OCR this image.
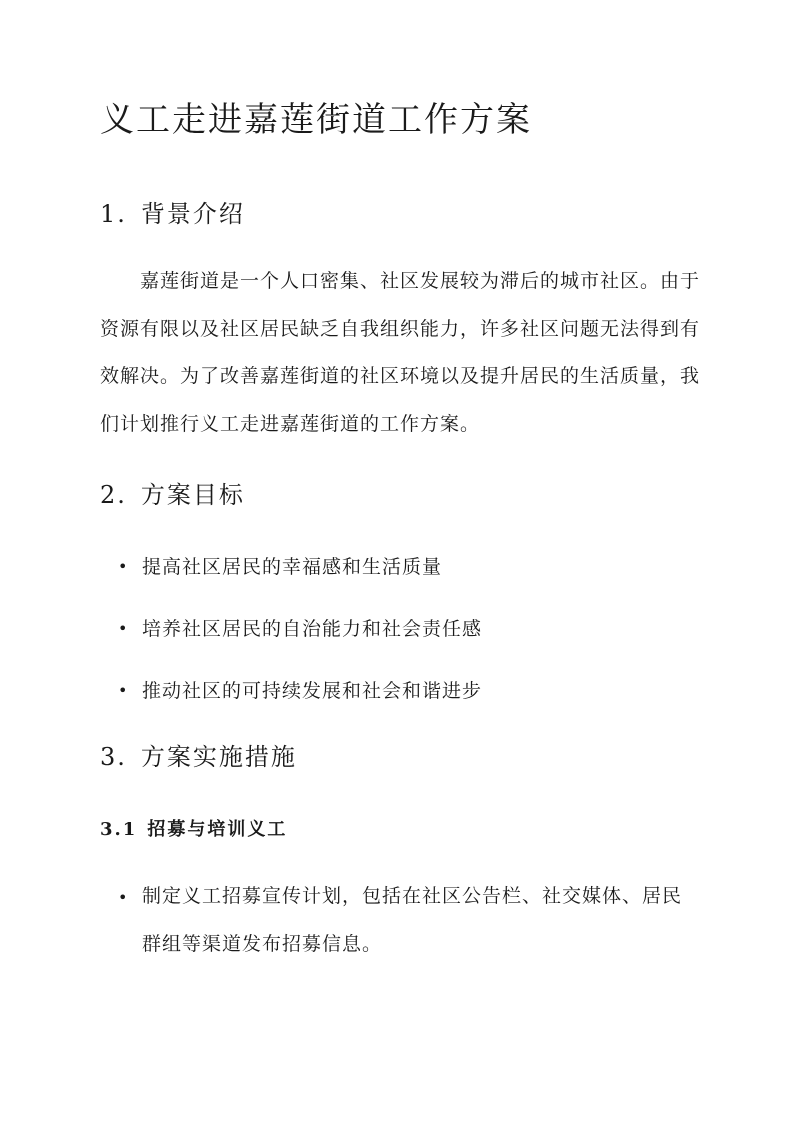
义工走进嘉莲街道工作方案
1. 背景介绍

嘉莲街道是一个人口密集、社区发展较为滞后的城市社区。由于资源有限以及社区居民缺乏自我组织能力，许多社区问题无法得到有效解决。为了改善嘉莲街道的社区环境以及提升居民的生活质量，我们计划推行义工走进嘉莲街道的工作方案。

2. 方案目标
• 提高社区居民的幸福感和生活质量
• 培养社区居民的自治能力和社会责任感
• 推动社区的可持续发展和社会和谐进步
3. 方案实施措施
3.1 招募与培训义工
• 制定义工招募宣传计划，包括在社区公告栏、社交媒体、居民群组等渠道发布招募信息。
